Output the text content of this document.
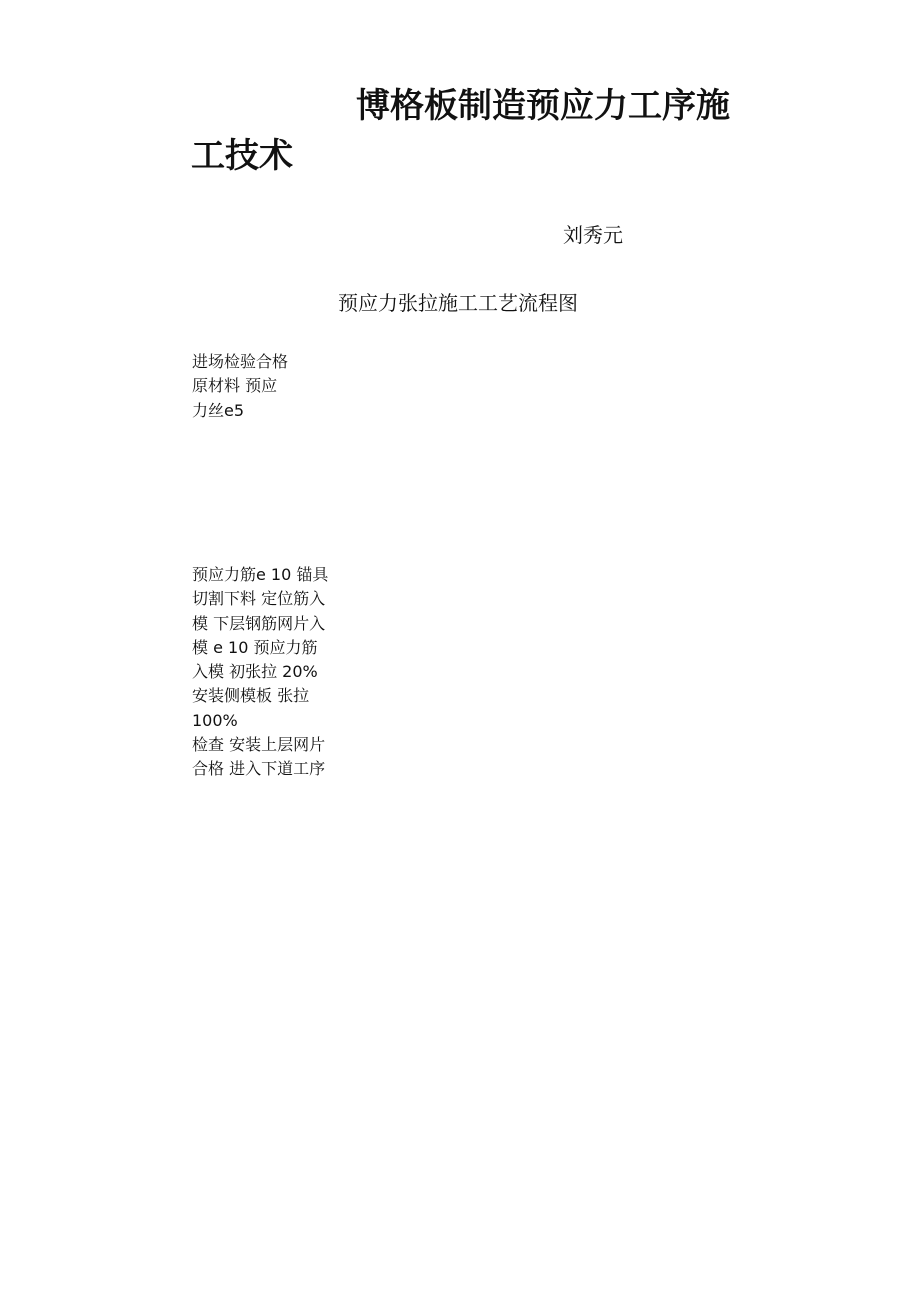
博格板制造预应力工序施
工技术
刘秀元
预应力张拉施工工艺流程图
进场检验合格
原材料 预应
力丝e5
预应力筋e 10 锚具
切割下料 定位筋入
模 下层钢筋网片入
模 e 10 预应力筋
入模 初张拉 20%
安装侧模板 张拉
100%
检查 安装上层网片
合格 进入下道工序
